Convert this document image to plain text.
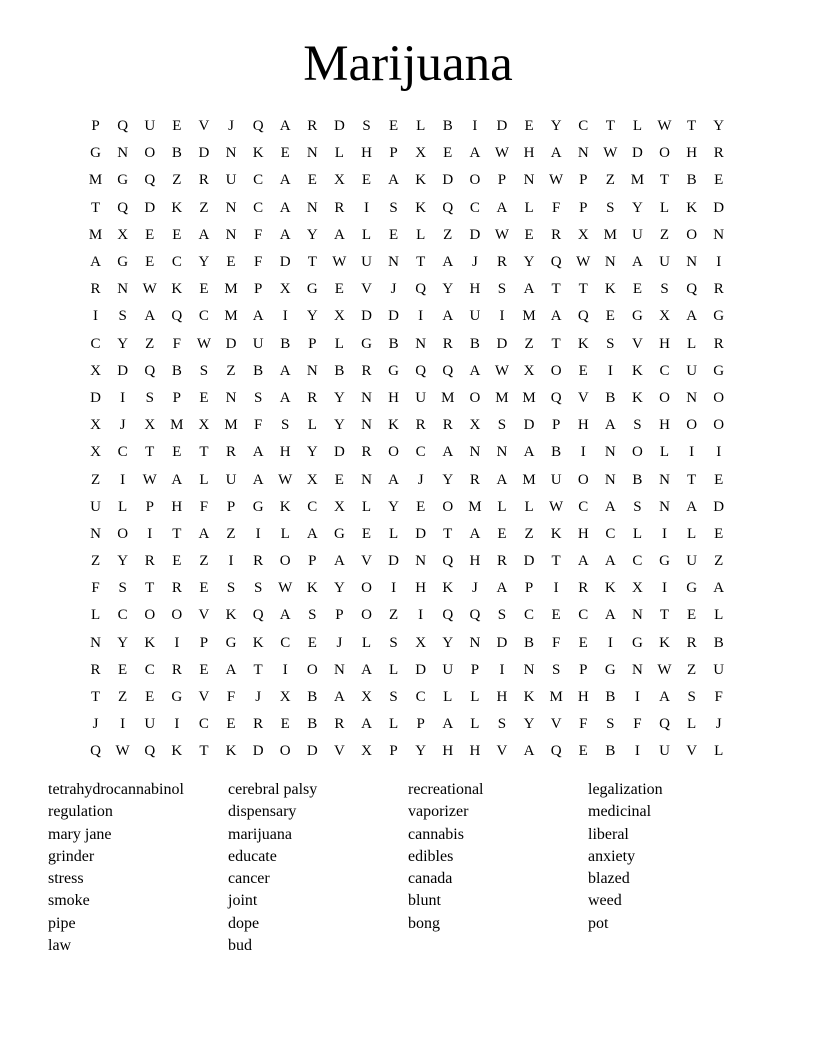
Marijuana
P	Q	U	E	V	J	Q	A	R	D	S	E	L	B	I	D	E	Y	C	T	L	W	T	Y
G	N	O	B	D	N	K	E	N	L	H	P	X	E	A W H	A	N W D	O	H	R
M	G	Q	Z	R	U	C	A	E	X	E	A	K	D	O	P	N W	P	Z	M	T	B	E
T	Q	D	K	Z	N	C	A	N	R	I	S	K	Q	C	A	L	F	P	S	Y	L	K	D
M	X	E	E	A	N	F	A	Y	A	L	E	L	Z	D W	E	R	X	M	U	Z	O	N
A	G	E	C	Y	E	F	D	T	W U	N	T	A	J	R	Y	Q W N	A	U	N	I
R	N W K	E	M	P	X	G	E	V	J	Q	Y	H	S	A	T	T	K	E	S	Q	R
I	S	A	Q	C	M	A	I	Y	X	D	D	I	A	U	I	M	A	Q	E	G	X	A	G
C	Y	Z	F	W D	U	B	P	L	G	B	N	R	B	D	Z	T	K	S	V	H	L	R
X	D	Q	B	S	Z	B	A	N	B	R	G	Q	Q	A W X	O	E	I	K	C	U	G
D	I	S	P	E	N	S	A	R	Y	N	H	U	M	O	M M	Q	V	B	K	O	N	O
X	J	X	M	X	M	F	S	L	Y	N	K	R	R	X	S	D	P	H	A	S	H	O	O
X	C	T	E	T	R	A	H	Y	D	R	O	C	A	N	N	A	B	I	N	O	L	I	I
Z	I	W A	L	U	A W X	E	N	A	J	Y	R	A	M	U	O	N	B	N	T	E
U	L	P	H	F	P	G	K	C	X	L	Y	E	O	M	L	L	W	C	A	S	N	A	D
N	O	I	T	A	Z	I	L	A	G	E	L	D	T	A	E	Z	K	H	C	L	I	L	E
Z	Y	R	E	Z	I	R	O	P	A	V	D	N	Q	H	R	D	T	A	A	C	G	U	Z
F	S	T	R	E	S	S	W K	Y	O	I	H	K	J	A	P	I	R	K	X	I	G	A
L	C	O	O	V	K	Q	A	S	P	O	Z	I	Q	Q	S	C	E	C	A	N	T	E	L
N	Y	K	I	P	G	K	C	E	J	L	S	X	Y	N	D	B	F	E	I	G	K	R	B
R	E	C	R	E	A	T	I	O	N	A	L	D	U	P	I	N	S	P	G	N W	Z	U
T	Z	E	G	V	F	J	X	B	A	X	S	C	L	L	H	K	M	H	B	I	A	S	F
J	I	U	I	C	E	R	E	B	R	A	L	P	A	L	S	Y	V	F	S	F	Q	L	J
Q W Q	K	T	K	D	O	D	V	X	P	Y	H	H	V	A	Q	E	B	I	U	V	L
tetrahydrocannabinol
regulation
mary jane
grinder
stress
smoke
pipe
law
cerebral palsy
dispensary
marijuana
educate
cancer
joint
dope
bud
recreational
vaporizer
cannabis
edibles
canada
blunt
bong
legalization
medicinal
liberal
anxiety
blazed
weed
pot
